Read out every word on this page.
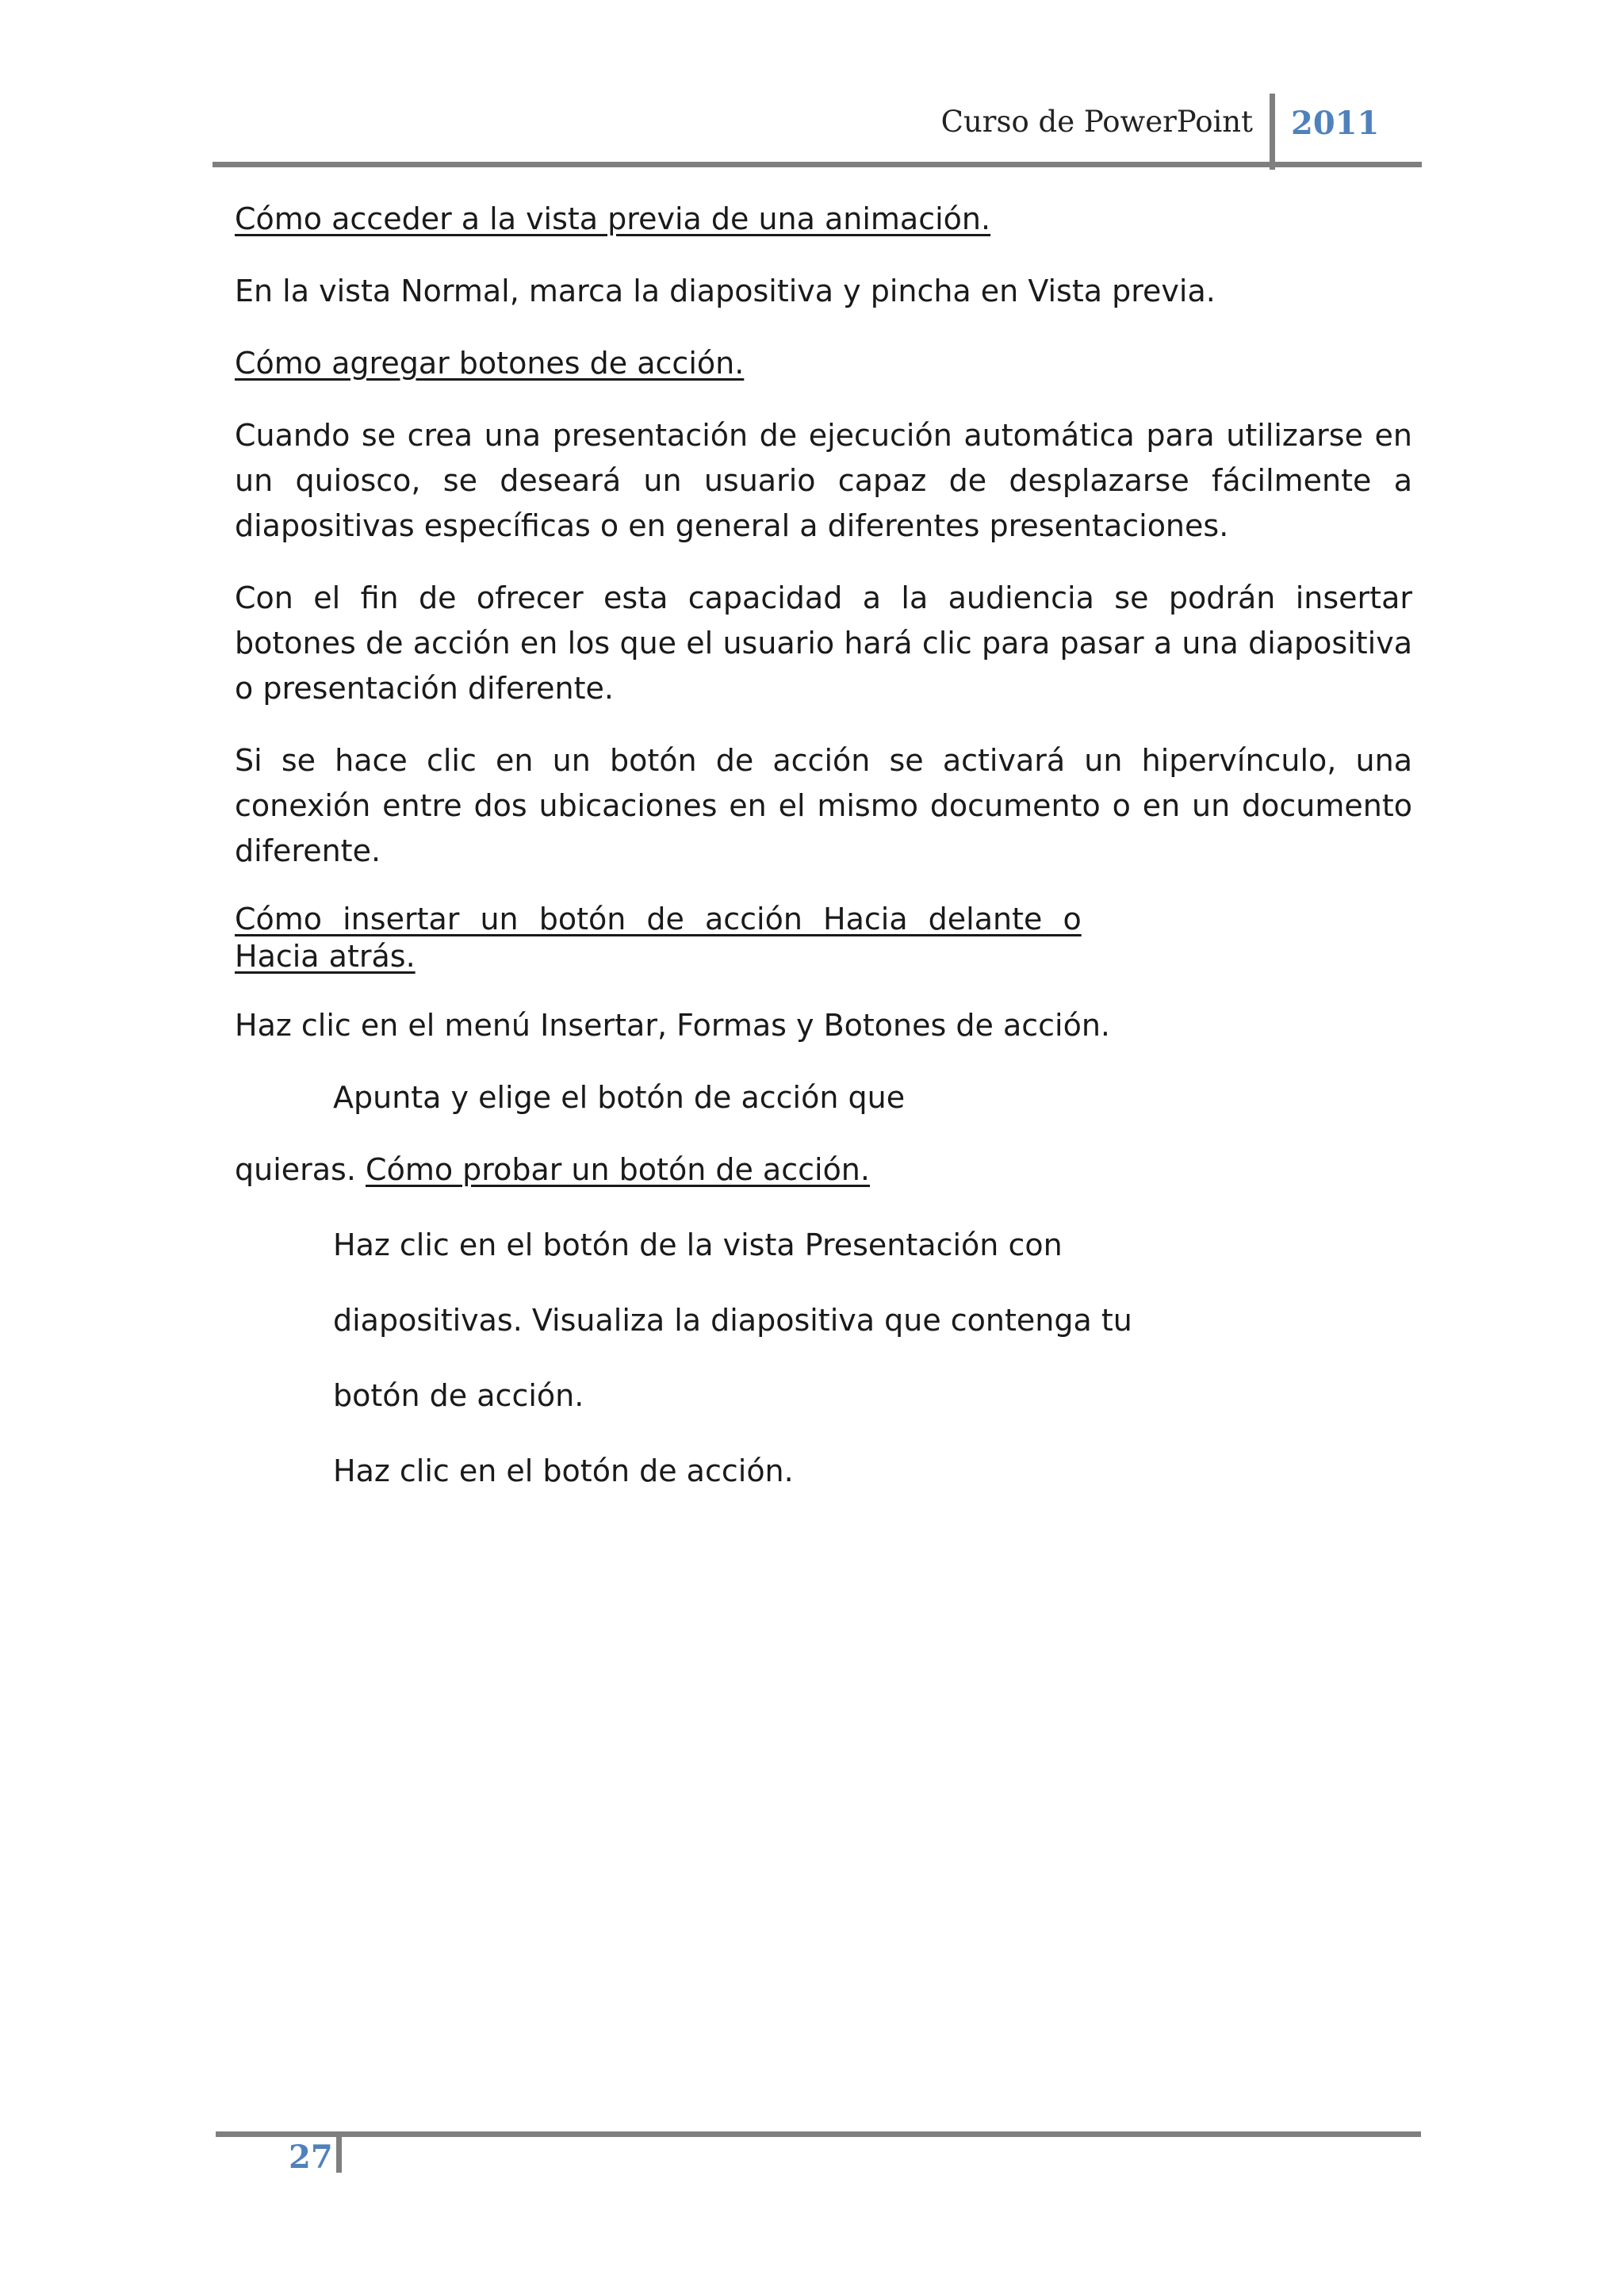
Curso de PowerPoint 2011

Cómo acceder a la vista previa de una animación.

En la vista Normal, marca la diapositiva y pincha en Vista previa.

Cómo agregar botones de acción.

Cuando se crea una presentación de ejecución automática para utilizarse en un quiosco, se deseará un usuario capaz de desplazarse fácilmente a diapositivas específicas o en general a diferentes presentaciones.

Con el fin de ofrecer esta capacidad a la audiencia se podrán insertar botones de acción en los que el usuario hará clic para pasar a una diapositiva o presentación diferente.

Si se hace clic en un botón de acción se activará un hipervínculo, una conexión entre dos ubicaciones en el mismo documento o en un documento diferente.

Cómo insertar un botón de acción Hacia delante o
Hacia atrás.

Haz clic en el menú Insertar, Formas y Botones de acción.

Apunta y elige el botón de acción que

quieras. Cómo probar un botón de acción.

Haz clic en el botón de la vista Presentación con

diapositivas. Visualiza la diapositiva que contenga tu

botón de acción.

Haz clic en el botón de acción.

27
